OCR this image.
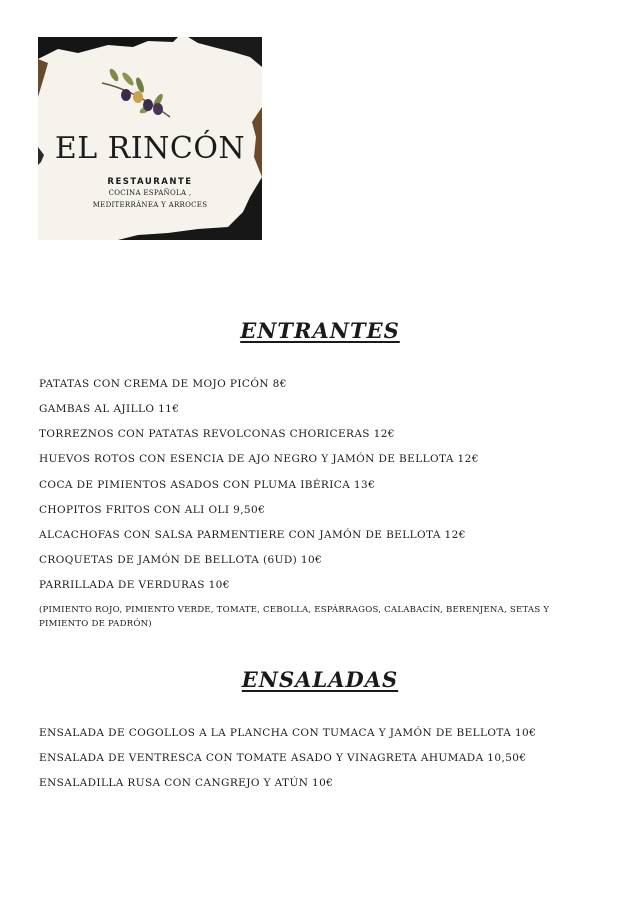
EL RINCÓN
RESTAURANTE
COCINA ESPAÑOLA ,
MEDITERRÁNEA Y ARROCES
ENTRANTES
PATATAS CON CREMA DE MOJO PICÓN 8€
GAMBAS AL AJILLO 11€
TORREZNOS CON PATATAS REVOLCONAS CHORICERAS 12€
HUEVOS ROTOS CON ESENCIA DE AJO NEGRO Y JAMÓN DE BELLOTA 12€
COCA DE PIMIENTOS ASADOS CON PLUMA IBÉRICA 13€
CHOPITOS FRITOS CON ALI OLI 9,50€
ALCACHOFAS CON SALSA PARMENTIERE CON JAMÓN DE BELLOTA 12€
CROQUETAS DE JAMÓN DE BELLOTA (6UD) 10€
PARRILLADA DE VERDURAS 10€
(PIMIENTO ROJO, PIMIENTO VERDE, TOMATE, CEBOLLA, ESPÁRRAGOS, CALABACÍN, BERENJENA, SETAS Y PIMIENTO DE PADRÓN)
ENSALADAS
ENSALADA DE COGOLLOS A LA PLANCHA CON TUMACA Y JAMÓN DE BELLOTA 10€
ENSALADA DE VENTRESCA CON TOMATE ASADO Y VINAGRETA AHUMADA 10,50€
ENSALADILLA RUSA CON CANGREJO Y ATÚN 10€
